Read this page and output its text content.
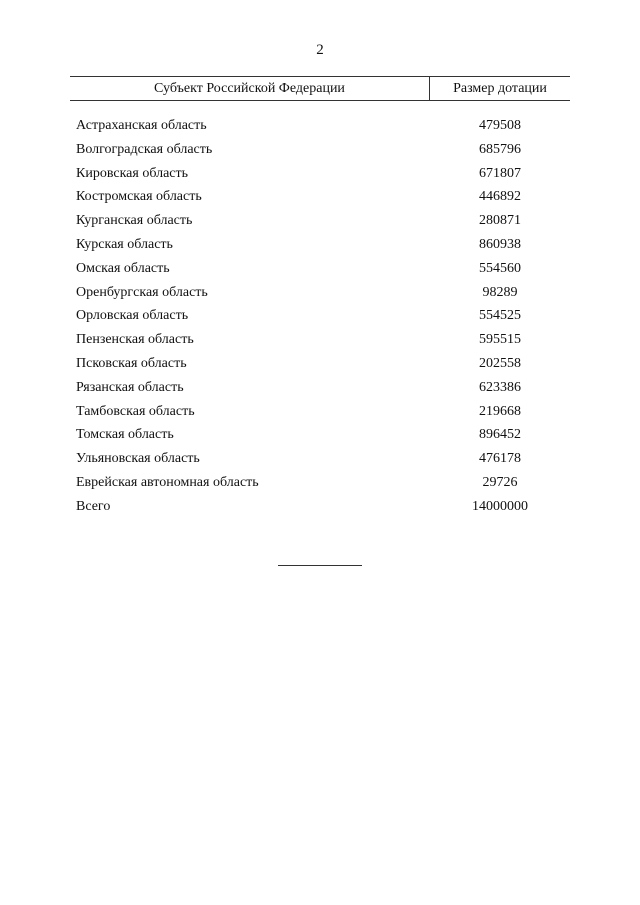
2
Субъект Российской Федерации	Размер дотации
Астраханская область	479508
Волгоградская область	685796
Кировская область	671807
Костромская область	446892
Курганская область	280871
Курская область	860938
Омская область	554560
Оренбургская область	98289
Орловская область	554525
Пензенская область	595515
Псковская область	202558
Рязанская область	623386
Тамбовская область	219668
Томская область	896452
Ульяновская область	476178
Еврейская автономная область	29726
Всего	14000000
